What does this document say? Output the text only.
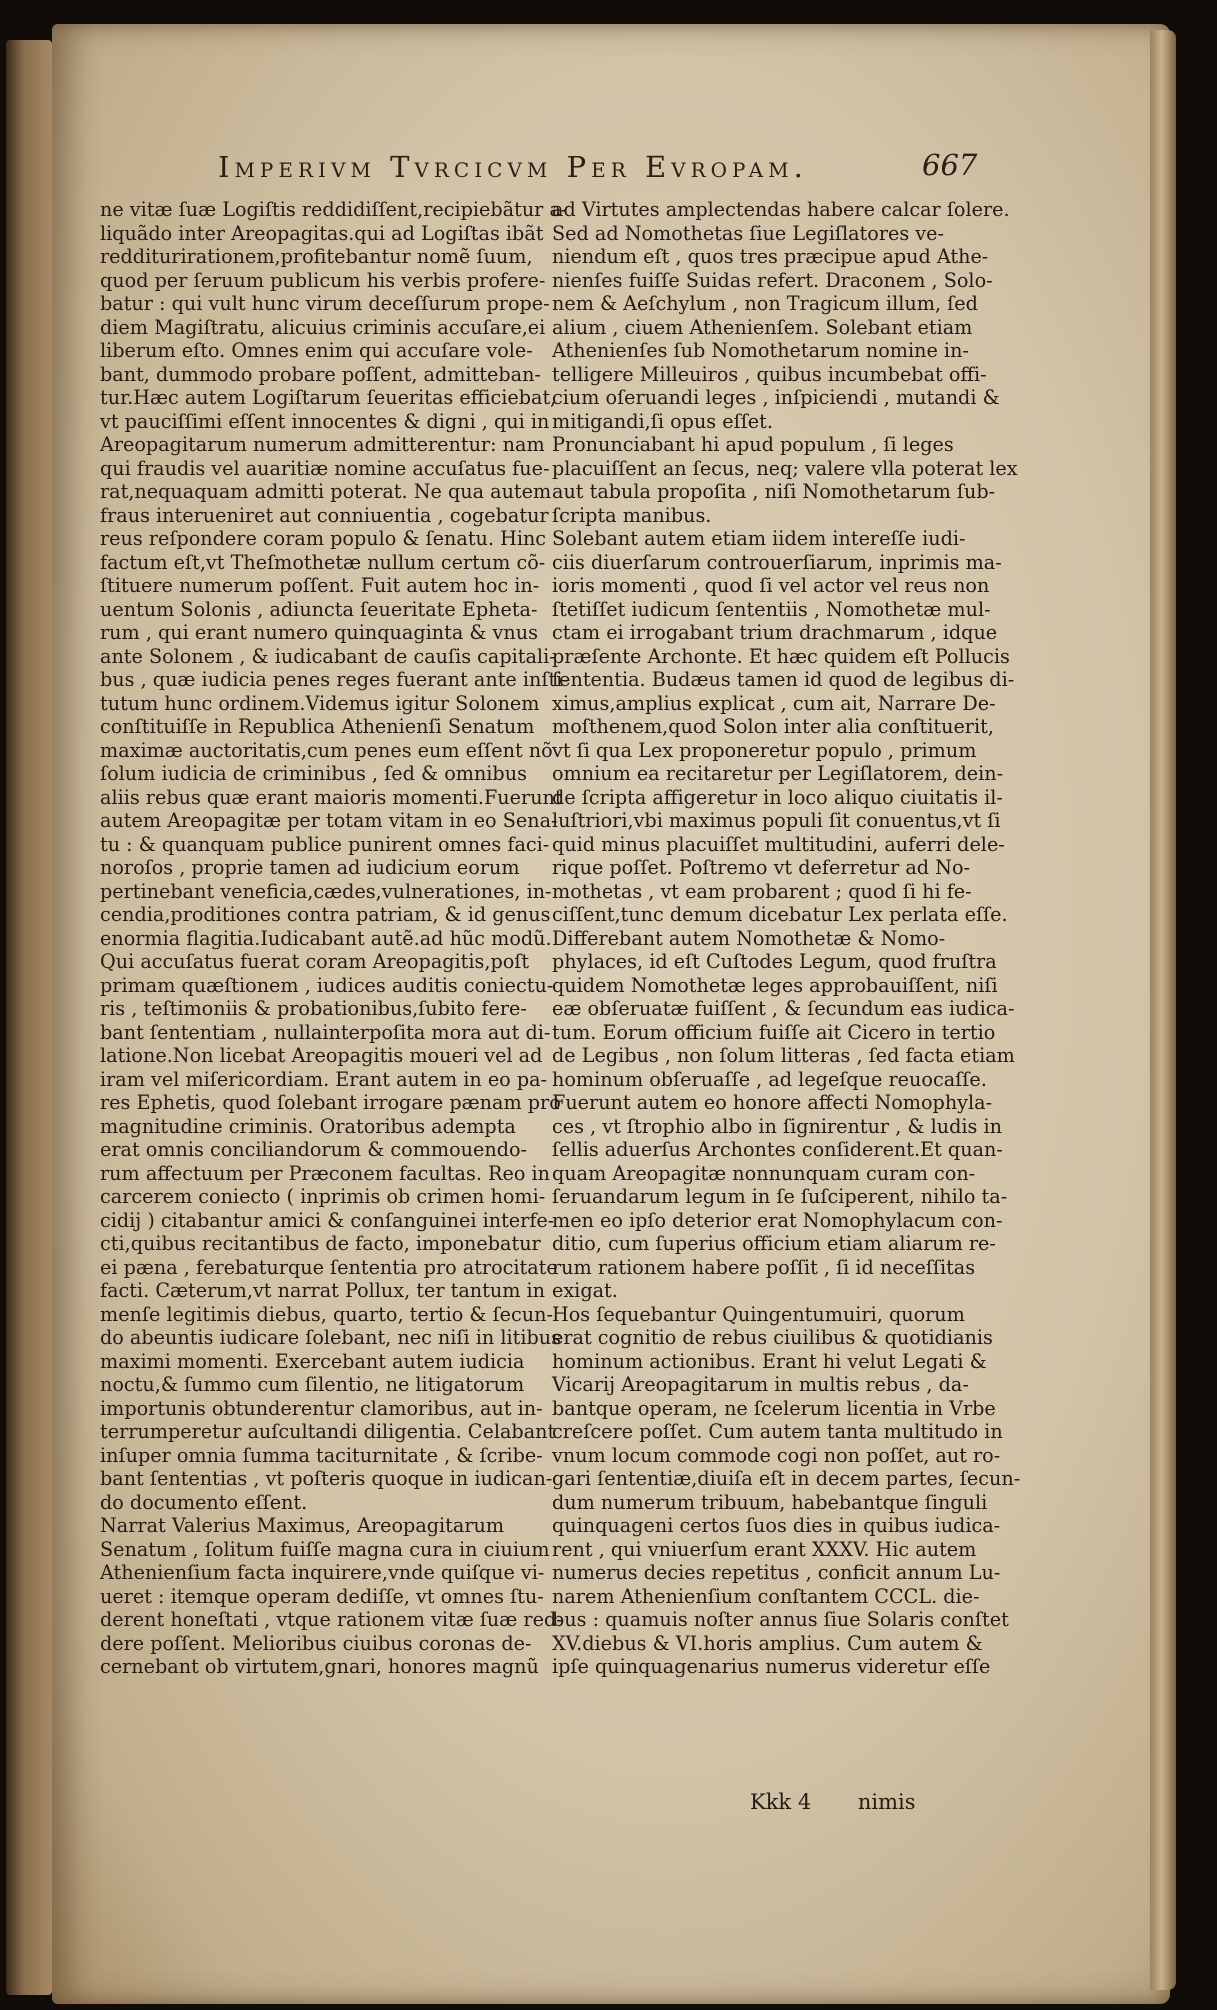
Imperivm Tvrcicvm Per Evropam.	667
ne vitæ ſuæ Logiſtis reddidiſſent,recipiebãtur a-
liquãdo inter Areopagitas.qui ad Logiſtas ibãt
redditurirationem,profitebantur nomẽ ſuum,
quod per ſeruum publicum his verbis profere-
batur : qui vult hunc virum deceſſurum prope-
diem Magiſtratu, alicuius criminis accuſare,ei
liberum eſto. Omnes enim qui accuſare vole-
bant, dummodo probare poſſent, admitteban-
tur.Hæc autem Logiſtarum ſeueritas efficiebat,
vt pauciſſimi eſſent innocentes & digni , qui in
Areopagitarum numerum admitterentur: nam
qui fraudis vel auaritiæ nomine accuſatus fue-
rat,nequaquam admitti poterat. Ne qua autem
fraus interueniret aut conniuentia , cogebatur
reus reſpondere coram populo & ſenatu. Hinc
factum eſt,vt Theſmothetæ nullum certum cõ-
ſtituere numerum poſſent. Fuit autem hoc in-
uentum Solonis , adiuncta ſeueritate Epheta-
rum , qui erant numero quinquaginta & vnus
ante Solonem , & iudicabant de cauſis capitali-
bus , quæ iudicia penes reges fuerant ante inſti-
tutum hunc ordinem.Videmus igitur Solonem
conſtituiſſe in Republica Athenienſi Senatum
maximæ auctoritatis,cum penes eum eſſent nõ
ſolum iudicia de criminibus , ſed & omnibus
aliis rebus quæ erant maioris momenti.Fuerunt
autem Areopagitæ per totam vitam in eo Sena-
tu : & quanquam publice punirent omnes faci-
noroſos , proprie tamen ad iudicium eorum
pertinebant veneficia,cædes,vulnerationes, in-
cendia,proditiones contra patriam, & id genus
enormia flagitia.Iudicabant autẽ.ad hũc modũ.
Qui accuſatus fuerat coram Areopagitis,poſt
primam quæſtionem , iudices auditis coniectu-
ris , teſtimoniis & probationibus,ſubito fere-
bant ſententiam , nullainterpoſita mora aut di-
latione.Non licebat Areopagitis moueri vel ad
iram vel miſericordiam. Erant autem in eo pa-
res Ephetis, quod ſolebant irrogare pænam pro
magnitudine criminis. Oratoribus adempta
erat omnis conciliandorum & commouendo-
rum affectuum per Præconem facultas. Reo in
carcerem coniecto ( inprimis ob crimen homi-
cidij ) citabantur amici & conſanguinei interfe-
cti,quibus recitantibus de facto, imponebatur
ei pæna , ferebaturque ſententia pro atrocitate
facti. Cæterum,vt narrat Pollux, ter tantum in
menſe legitimis diebus, quarto, tertio & ſecun-
do abeuntis iudicare ſolebant, nec niſi in litibus
maximi momenti. Exercebant autem iudicia
noctu,& ſummo cum ſilentio, ne litigatorum
importunis obtunderentur clamoribus, aut in-
terrumperetur auſcultandi diligentia. Celabant
inſuper omnia ſumma taciturnitate , & ſcribe-
bant ſententias , vt poſteris quoque in iudican-
do documento eſſent.
Narrat Valerius Maximus, Areopagitarum
Senatum , ſolitum fuiſſe magna cura in ciuium
Athenienſium facta inquirere,vnde quiſque vi-
ueret : itemque operam dediſſe, vt omnes ſtu-
derent honeſtati , vtque rationem vitæ ſuæ red-
dere poſſent. Melioribus ciuibus coronas de-
cernebant ob virtutem,gnari, honores magnũ
ad Virtutes amplectendas habere calcar ſolere.
Sed ad Nomothetas ſiue Legiſlatores ve-
niendum eſt , quos tres præcipue apud Athe-
nienſes fuiſſe Suidas refert. Draconem , Solo-
nem & Aeſchylum , non Tragicum illum, ſed
alium , ciuem Athenienſem. Solebant etiam
Athenienſes ſub Nomothetarum nomine in-
telligere Milleuiros , quibus incumbebat offi-
cium oſeruandi leges , inſpiciendi , mutandi &
mitigandi,ſi opus eſſet.
Pronunciabant hi apud populum , ſi leges
placuiſſent an ſecus, neq; valere vlla poterat lex
aut tabula propoſita , niſi Nomothetarum ſub-
ſcripta manibus.
Solebant autem etiam iidem intereſſe iudi-
ciis diuerſarum controuerſiarum, inprimis ma-
ioris momenti , quod ſi vel actor vel reus non
ſtetiſſet iudicum ſententiis , Nomothetæ mul-
ctam ei irrogabant trium drachmarum , idque
præſente Archonte. Et hæc quidem eſt Pollucis
ſententia. Budæus tamen id quod de legibus di-
ximus,amplius explicat , cum ait, Narrare De-
moſthenem,quod Solon inter alia conſtituerit,
vt ſi qua Lex proponeretur populo , primum
omnium ea recitaretur per Legiſlatorem, dein-
de ſcripta affigeretur in loco aliquo ciuitatis il-
luſtriori,vbi maximus populi ſit conuentus,vt ſi
quid minus placuiſſet multitudini, auferri dele-
rique poſſet. Poſtremo vt deferretur ad No-
mothetas , vt eam probarent ; quod ſi hi fe-
ciſſent,tunc demum dicebatur Lex perlata eſſe.
Differebant autem Nomothetæ & Nomo-
phylaces, id eſt Cuſtodes Legum, quod fruſtra
quidem Nomothetæ leges approbauiſſent, niſi
eæ obſeruatæ fuiſſent , & ſecundum eas iudica-
tum. Eorum officium fuiſſe ait Cicero in tertio
de Legibus , non ſolum litteras , ſed facta etiam
hominum obſeruaſſe , ad legeſque reuocaſſe.
Fuerunt autem eo honore affecti Nomophyla-
ces , vt ſtrophio albo in ſignirentur , & ludis in
ſellis aduerſus Archontes conſiderent.Et quan-
quam Areopagitæ nonnunquam curam con-
ſeruandarum legum in ſe ſuſciperent, nihilo ta-
men eo ipſo deterior erat Nomophylacum con-
ditio, cum ſuperius officium etiam aliarum re-
rum rationem habere poſſit , ſi id neceſſitas
exigat.
Hos ſequebantur Quingentumuiri, quorum
erat cognitio de rebus ciuilibus & quotidianis
hominum actionibus. Erant hi velut Legati &
Vicarij Areopagitarum in multis rebus , da-
bantque operam, ne ſcelerum licentia in Vrbe
creſcere poſſet. Cum autem tanta multitudo in
vnum locum commode cogi non poſſet, aut ro-
gari ſententiæ,diuiſa eſt in decem partes, ſecun-
dum numerum tribuum, habebantque ſinguli
quinquageni certos ſuos dies in quibus iudica-
rent , qui vniuerſum erant XXXV. Hic autem
numerus decies repetitus , conficit annum Lu-
narem Athenienſium conſtantem CCCL. die-
bus : quamuis noſter annus ſiue Solaris conſtet
XV.diebus & VI.horis amplius. Cum autem &
ipſe quinquagenarius numerus videretur eſſe
Kkk 4 nimis
